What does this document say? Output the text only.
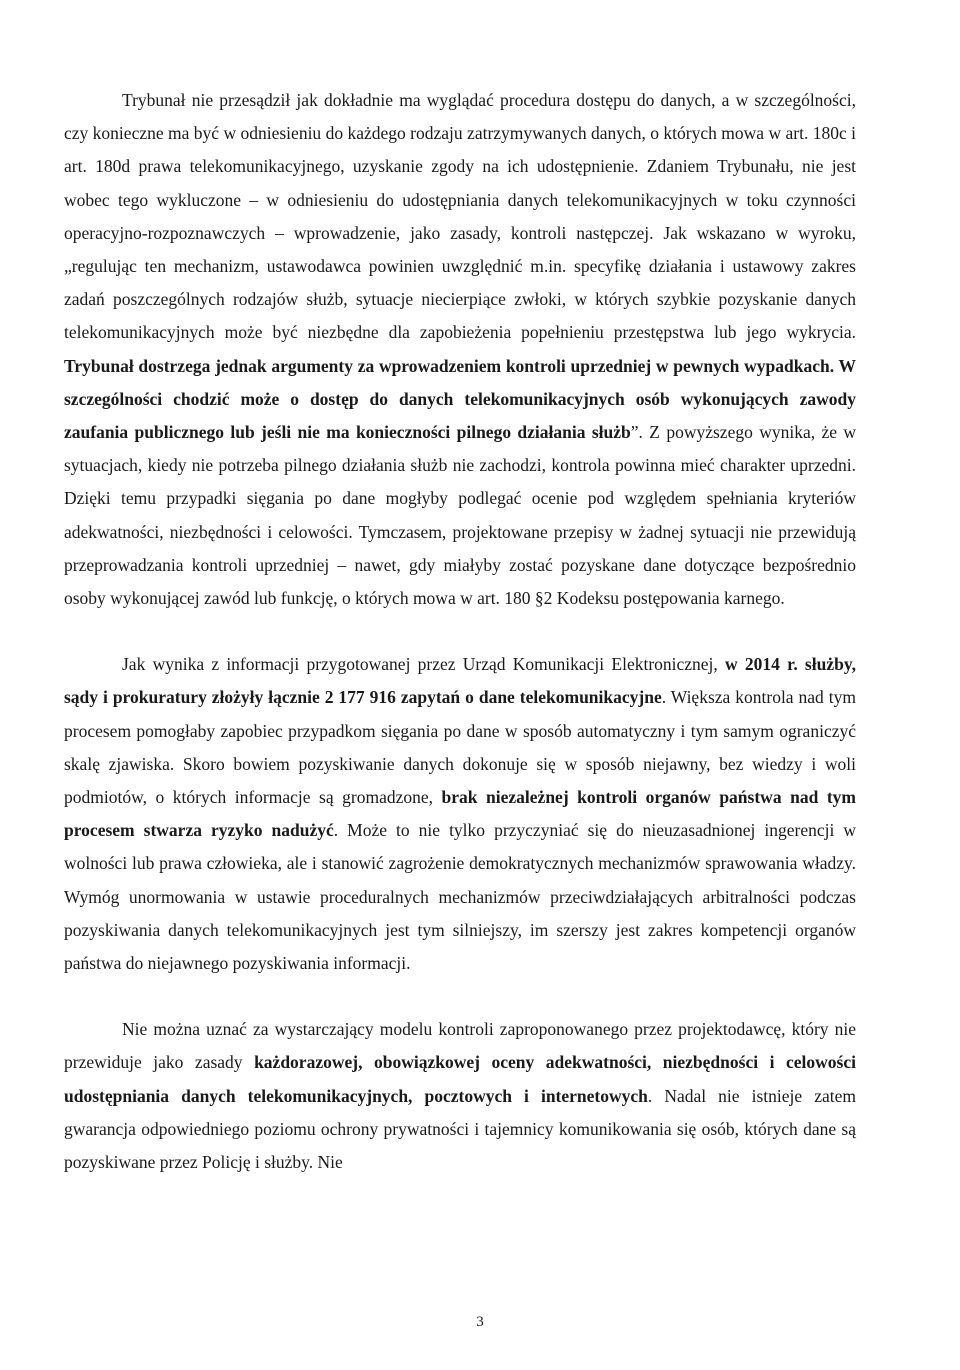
Trybunał nie przesądził jak dokładnie ma wyglądać procedura dostępu do danych, a w szczególności, czy konieczne ma być w odniesieniu do każdego rodzaju zatrzymywanych danych, o których mowa w art. 180c i art. 180d prawa telekomunikacyjnego, uzyskanie zgody na ich udostępnienie. Zdaniem Trybunału, nie jest wobec tego wykluczone – w odniesieniu do udostępniania danych telekomunikacyjnych w toku czynności operacyjno-rozpoznawczych – wprowadzenie, jako zasady, kontroli następczej. Jak wskazano w wyroku, „regulując ten mechanizm, ustawodawca powinien uwzględnić m.in. specyfikę działania i ustawowy zakres zadań poszczególnych rodzajów służb, sytuacje niecierpiące zwłoki, w których szybkie pozyskanie danych telekomunikacyjnych może być niezbędne dla zapobieżenia popełnieniu przestępstwa lub jego wykrycia. Trybunał dostrzega jednak argumenty za wprowadzeniem kontroli uprzedniej w pewnych wypadkach. W szczególności chodzić może o dostęp do danych telekomunikacyjnych osób wykonujących zawody zaufania publicznego lub jeśli nie ma konieczności pilnego działania służb”. Z powyższego wynika, że w sytuacjach, kiedy nie potrzeba pilnego działania służb nie zachodzi, kontrola powinna mieć charakter uprzedni. Dzięki temu przypadki sięgania po dane mogłyby podlegać ocenie pod względem spełniania kryteriów adekwatności, niezbędności i celowości. Tymczasem, projektowane przepisy w żadnej sytuacji nie przewidują przeprowadzania kontroli uprzedniej – nawet, gdy miałyby zostać pozyskane dane dotyczące bezpośrednio osoby wykonującej zawód lub funkcję, o których mowa w art. 180 §2 Kodeksu postępowania karnego.

Jak wynika z informacji przygotowanej przez Urząd Komunikacji Elektronicznej, w 2014 r. służby, sądy i prokuratury złożyły łącznie 2 177 916 zapytań o dane telekomunikacyjne. Większa kontrola nad tym procesem pomogłaby zapobiec przypadkom sięgania po dane w sposób automatyczny i tym samym ograniczyć skalę zjawiska. Skoro bowiem pozyskiwanie danych dokonuje się w sposób niejawny, bez wiedzy i woli podmiotów, o których informacje są gromadzone, brak niezależnej kontroli organów państwa nad tym procesem stwarza ryzyko nadużyć. Może to nie tylko przyczyniać się do nieuzasadnionej ingerencji w wolności lub prawa człowieka, ale i stanowić zagrożenie demokratycznych mechanizmów sprawowania władzy. Wymóg unormowania w ustawie proceduralnych mechanizmów przeciwdziałających arbitralności podczas pozyskiwania danych telekomunikacyjnych jest tym silniejszy, im szerszy jest zakres kompetencji organów państwa do niejawnego pozyskiwania informacji.

Nie można uznać za wystarczający modelu kontroli zaproponowanego przez projektodawcę, który nie przewiduje jako zasady każdorazowej, obowiązkowej oceny adekwatności, niezbędności i celowości udostępniania danych telekomunikacyjnych, pocztowych i internetowych. Nadal nie istnieje zatem gwarancja odpowiedniego poziomu ochrony prywatności i tajemnicy komunikowania się osób, których dane są pozyskiwane przez Policję i służby. Nie

3
